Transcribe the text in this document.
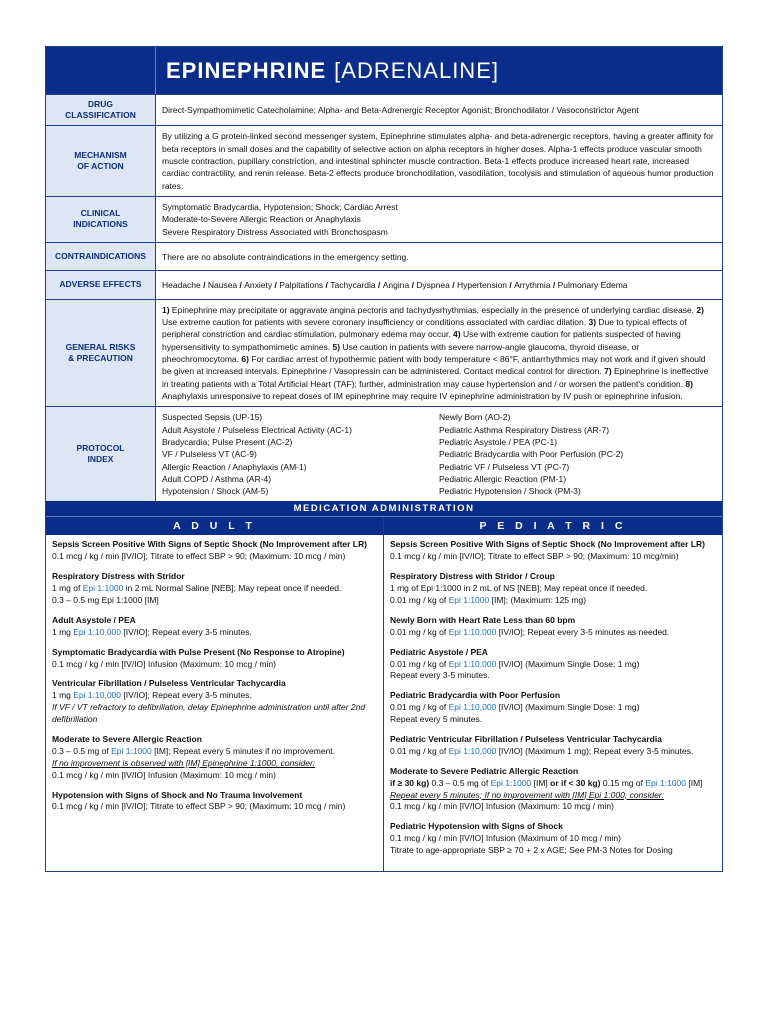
EPINEPHRINE [ADRENALINE]
DRUG
CLASSIFICATION
Direct-Sympathomimetic Catecholamine; Alpha- and Beta-Adrenergic Receptor Agonist; Bronchodilator / Vasoconstrictor Agent
MECHANISM
OF ACTION
By utilizing a G protein-linked second messenger system, Epinephrine stimulates alpha- and beta-adrenergic receptors, having a greater affinity for beta receptors in small doses and the capability of selective action on alpha receptors in higher doses. Alpha-1 effects produce vascular smooth muscle contraction, pupillary constriction, and intestinal sphincter muscle contraction. Beta-1 effects produce increased heart rate, increased cardiac contractility, and renin release. Beta-2 effects produce bronchodilation, vasodilation, tocolysis and stimulation of aqueous humor production rates.
CLINICAL
INDICATIONS

Symptomatic Bradycardia, Hypotension; Shock; Cardiac Arrest

Moderate-to-Severe Allergic Reaction or Anaphylaxis

Severe Respiratory Distress Associated with Bronchospasm

CONTRAINDICATIONS	There are no absolute contraindications in the emergency setting.
ADVERSE EFFECTS	Headache / Nausea / Anxiety / Palpitations / Tachycardia / Angina / Dyspnea / Hypertension / Arrythmia / Pulmonary Edema
GENERAL RISKS
& PRECAUTION
1) Epinephrine may precipitate or aggravate angina pectoris and tachydysrhythmias, especially in the presence of underlying cardiac disease. 2) Use extreme caution for patients with severe coronary insufficiency or conditions associated with cardiac dilation. 3) Due to typical effects of peripheral constriction and cardiac stimulation, pulmonary edema may occur. 4) Use with extreme caution for patients suspected of having hypersensitivity to sympathomimetic amines. 5) Use caution in patients with severe narrow-angle glaucoma, thyroid disease, or pheochromocytoma. 6) For cardiac arrest of hypothermic patient with body temperature < 86°F, antiarrhythmics may not work and if given should be given at increased intervals. Epinephrine / Vasopressin can be administered. Contact medical control for direction. 7) Epinephrine is ineffective in treating patients with a Total Artificial Heart (TAF); further, administration may cause hypertension and / or worsen the patient's condition. 8) Anaphylaxis unresponsive to repeat doses of IM epinephrine may require IV epinephrine administration by IV push or epinephrine infusion.
PROTOCOL
INDEX
Suspected Sepsis (UP-15)
Adult Asystole / Pulseless Electrical Activity (AC-1)
Bradycardia; Pulse Present (AC-2)
VF / Pulseless VT (AC-9)
Allergic Reaction / Anaphylaxis (AM-1)
Adult COPD / Asthma (AR-4)
Hypotension / Shock (AM-5)
Newly Born (AO-2)
Pediatric Asthma Respiratory Distress (AR-7)
Pediatric Asystole / PEA (PC-1)
Pediatric Bradycardia with Poor Perfusion (PC-2)
Pediatric VF / Pulseless VT (PC-7)
Pediatric Allergic Reaction (PM-1)
Pediatric Hypotension / Shock (PM-3)
MEDICATION ADMINISTRATION
A D U L T
Sepsis Screen Positive With Signs of Septic Shock (No Improvement after LR)
0.1 mcg / kg / min [IV/IO]; Titrate to effect SBP > 90; (Maximum: 10 mcg / min)
Respiratory Distress with Stridor
1 mg of Epi 1:1000 in 2 mL Normal Saline [NEB]; May repeat once if needed.
0.3 – 0.5 mg Epi 1:1000 [IM]
Adult Asystole / PEA
1 mg Epi 1:10,000 [IV/IO]; Repeat every 3-5 minutes.
Symptomatic Bradycardia with Pulse Present (No Response to Atropine)
0.1 mcg / kg / min [IV/IO] Infusion (Maximum: 10 mcg / min)
Ventricular Fibrillation / Pulseless Ventricular Tachycardia
1 mg Epi 1:10,000 [IV/IO]; Repeat every 3-5 minutes.
If VF / VT refractory to defibrillation, delay Epinephrine administration until after 2nd defibrillation
Moderate to Severe Allergic Reaction
0.3 – 0.5 mg of Epi 1:1000 [IM]; Repeat every 5 minutes if no improvement.
If no improvement is observed with [IM] Epinephrine 1:1000, consider:
0.1 mcg / kg / min [IV/IO] Infusion (Maximum: 10 mcg / min)
Hypotension with Signs of Shock and No Trauma Involvement
0.1 mcg / kg / min [IV/IO]; Titrate to effect SBP > 90; (Maximum: 10 mcg / min)
P E D I A T R I C
Sepsis Screen Positive With Signs of Septic Shock (No Improvement after LR)
0.1 mcg / kg / min [IV/IO]; Titrate to effect SBP > 90; (Maximum: 10 mcg/min)
Respiratory Distress with Stridor / Croup
1 mg of Epi 1:1000 in 2 mL of NS [NEB]; May repeat once if needed.
0.01 mg / kg of Epi 1:1000 [IM]; (Maximum: 125 mg)
Newly Born with Heart Rate Less than 60 bpm
0.01 mg / kg of Epi 1:10,000 [IV/IO]; Repeat every 3-5 minutes as needed.
Pediatric Asystole / PEA
0.01 mg / kg of Epi 1:10,000 [IV/IO] (Maximum Single Dose: 1 mg)
Repeat every 3-5 minutes.
Pediatric Bradycardia with Poor Perfusion
0.01 mg / kg of Epi 1:10,000 [IV/IO] (Maximum Single Dose: 1 mg)
Repeat every 5 minutes.
Pediatric Ventricular Fibrillation / Pulseless Ventricular Tachycardia
0.01 mg / kg of Epi 1:10,000 [IV/IO] (Maximum 1 mg); Repeat every 3-5 minutes.
Moderate to Severe Pediatric Allergic Reaction
if ≥ 30 kg) 0.3 – 0.5 mg of Epi 1:1000 [IM] or if < 30 kg) 0.15 mg of Epi 1:1000 [IM]
Repeat every 5 minutes; If no improvement with [IM] Epi 1:000, consider:
0.1 mcg / kg / min [IV/IO] Infusion (Maximum: 10 mcg / min)
Pediatric Hypotension with Signs of Shock
0.1 mcg / kg / min [IV/IO] Infusion (Maximum of 10 mcg / min)
Titrate to age-appropriate SBP ≥ 70 + 2 x AGE; See PM-3 Notes for Dosing
